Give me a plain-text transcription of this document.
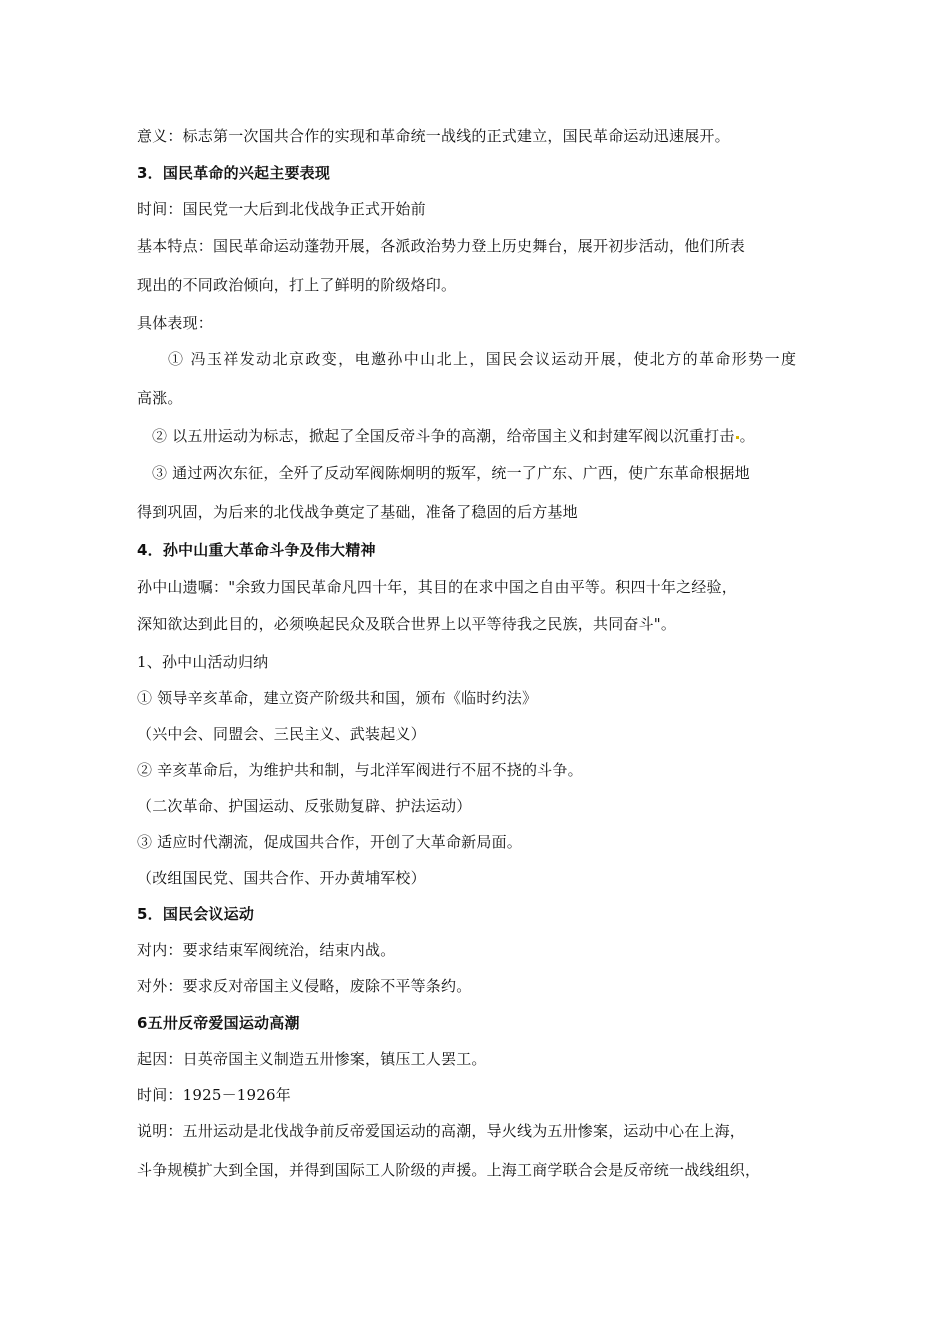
意义：标志第一次国共合作的实现和革命统一战线的正式建立，国民革命运动迅速展开。
3．国民革命的兴起主要表现
时间：国民党一大后到北伐战争正式开始前
基本特点：国民革命运动蓬勃开展，各派政治势力登上历史舞台，展开初步活动，他们所表
现出的不同政治倾向，打上了鲜明的阶级烙印。
具体表现：
① 冯玉祥发动北京政变，电邀孙中山北上，国民会议运动开展，使北方的革命形势一度
高涨。
② 以五卅运动为标志，掀起了全国反帝斗争的高潮，给帝国主义和封建军阀以沉重打击 。
③ 通过两次东征，全歼了反动军阀陈炯明的叛军，统一了广东、广西，使广东革命根据地
得到巩固，为后来的北伐战争奠定了基础，准备了稳固的后方基地
4．孙中山重大革命斗争及伟大精神
孙中山遗嘱："余致力国民革命凡四十年，其目的在求中国之自由平等。积四十年之经验，
深知欲达到此目的，必须唤起民众及联合世界上以平等待我之民族，共同奋斗"。
1、孙中山活动归纳
① 领导辛亥革命，建立资产阶级共和国，颁布《临时约法》
（兴中会、同盟会、三民主义、武装起义）
② 辛亥革命后，为维护共和制，与北洋军阀进行不屈不挠的斗争。
（二次革命、护国运动、反张勋复辟、护法运动）
③ 适应时代潮流，促成国共合作，开创了大革命新局面。
（改组国民党、国共合作、开办黄埔军校）
5．国民会议运动
对内：要求结束军阀统治，结束内战。
对外：要求反对帝国主义侵略，废除不平等条约。
6五卅反帝爱国运动高潮
起因：日英帝国主义制造五卅惨案，镇压工人罢工。
时间：1925－1926年
说明：五卅运动是北伐战争前反帝爱国运动的高潮，导火线为五卅惨案，运动中心在上海，
斗争规模扩大到全国，并得到国际工人阶级的声援。上海工商学联合会是反帝统一战线组织，
